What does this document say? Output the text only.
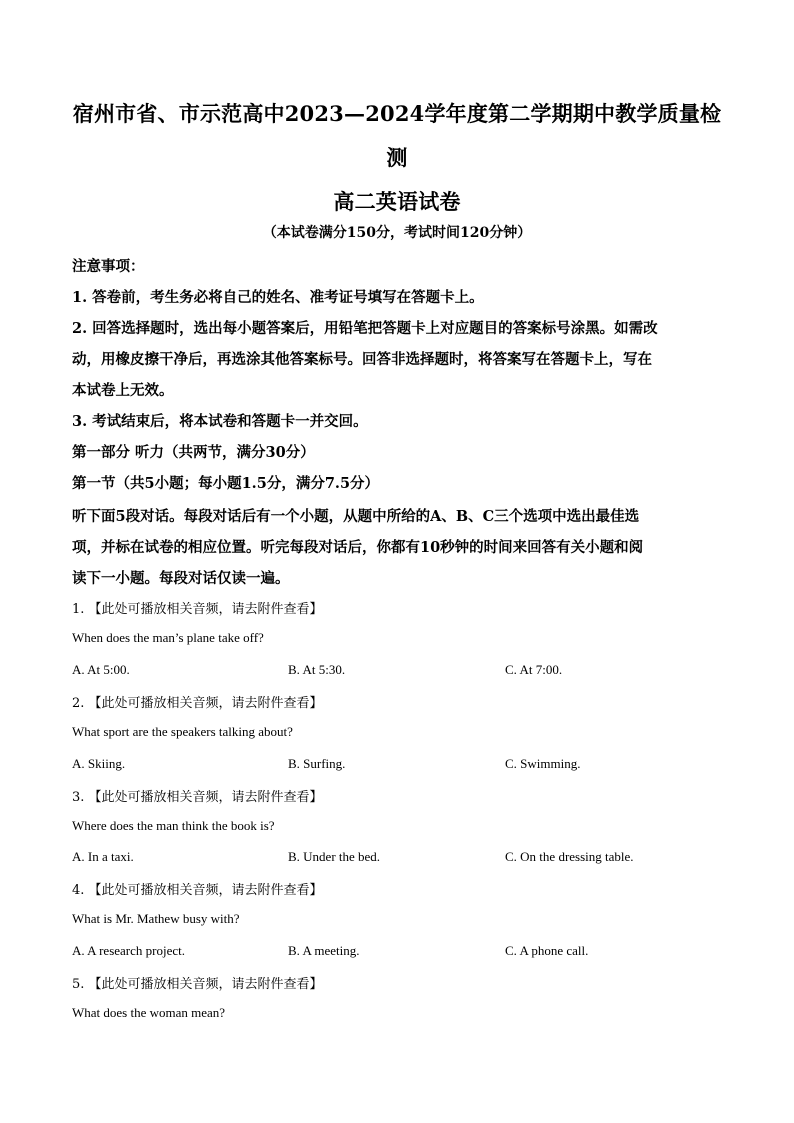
宿州市省、市示范高中2023—2024学年度第二学期期中教学质量检
测
高二英语试卷
（本试卷满分150分，考试时间120分钟）
注意事项：
1. 答卷前，考生务必将自己的姓名、准考证号填写在答题卡上。
2. 回答选择题时，选出每小题答案后，用铅笔把答题卡上对应题目的答案标号涂黑。如需改
动，用橡皮擦干净后，再选涂其他答案标号。回答非选择题时，将答案写在答题卡上，写在
本试卷上无效。
3. 考试结束后，将本试卷和答题卡一并交回。
第一部分 听力（共两节，满分30分）
第一节（共5小题；每小题1.5分，满分7.5分）
听下面5段对话。每段对话后有一个小题，从题中所给的A、B、C三个选项中选出最佳选
项，并标在试卷的相应位置。听完每段对话后，你都有10秒钟的时间来回答有关小题和阅
读下一小题。每段对话仅读一遍。
1. 【此处可播放相关音频，请去附件查看】
When does the man’s plane take off?
A. At 5:00.	B. At 5:30.	C. At 7:00.
2. 【此处可播放相关音频，请去附件查看】
What sport are the speakers talking about?
A. Skiing.	B. Surfing.	C. Swimming.
3. 【此处可播放相关音频，请去附件查看】
Where does the man think the book is?
A. In a taxi.	B. Under the bed.	C. On the dressing table.
4. 【此处可播放相关音频，请去附件查看】
What is Mr. Mathew busy with?
A. A research project.	B. A meeting.	C. A phone call.
5. 【此处可播放相关音频，请去附件查看】
What does the woman mean?
